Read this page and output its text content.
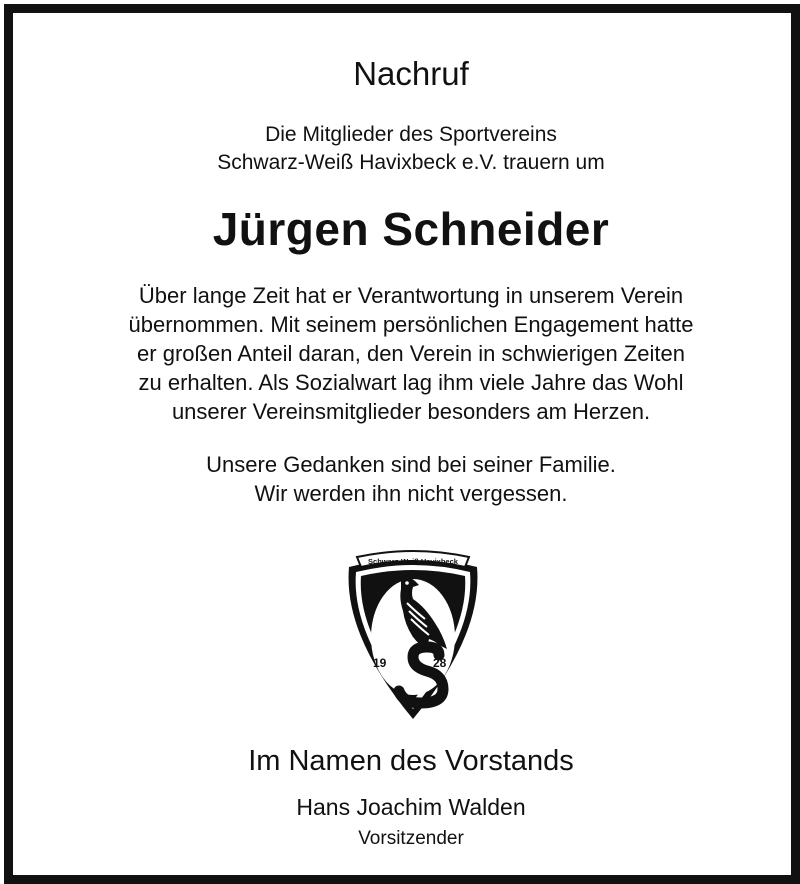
Nachruf
Die Mitglieder des Sportvereins
Schwarz-Weiß Havixbeck e.V. trauern um
Jürgen Schneider
Über lange Zeit hat er Verantwortung in unserem Verein
übernommen. Mit seinem persönlichen Engagement hatte
er großen Anteil daran, den Verein in schwierigen Zeiten
zu erhalten. Als Sozialwart lag ihm viele Jahre das Wohl
unserer Vereinsmitglieder besonders am Herzen.
Unsere Gedanken sind bei seiner Familie.
Wir werden ihn nicht vergessen.
Schwarz-Weiß Havixbeck
19	28
Im Namen des Vorstands
Hans Joachim Walden
Vorsitzender
